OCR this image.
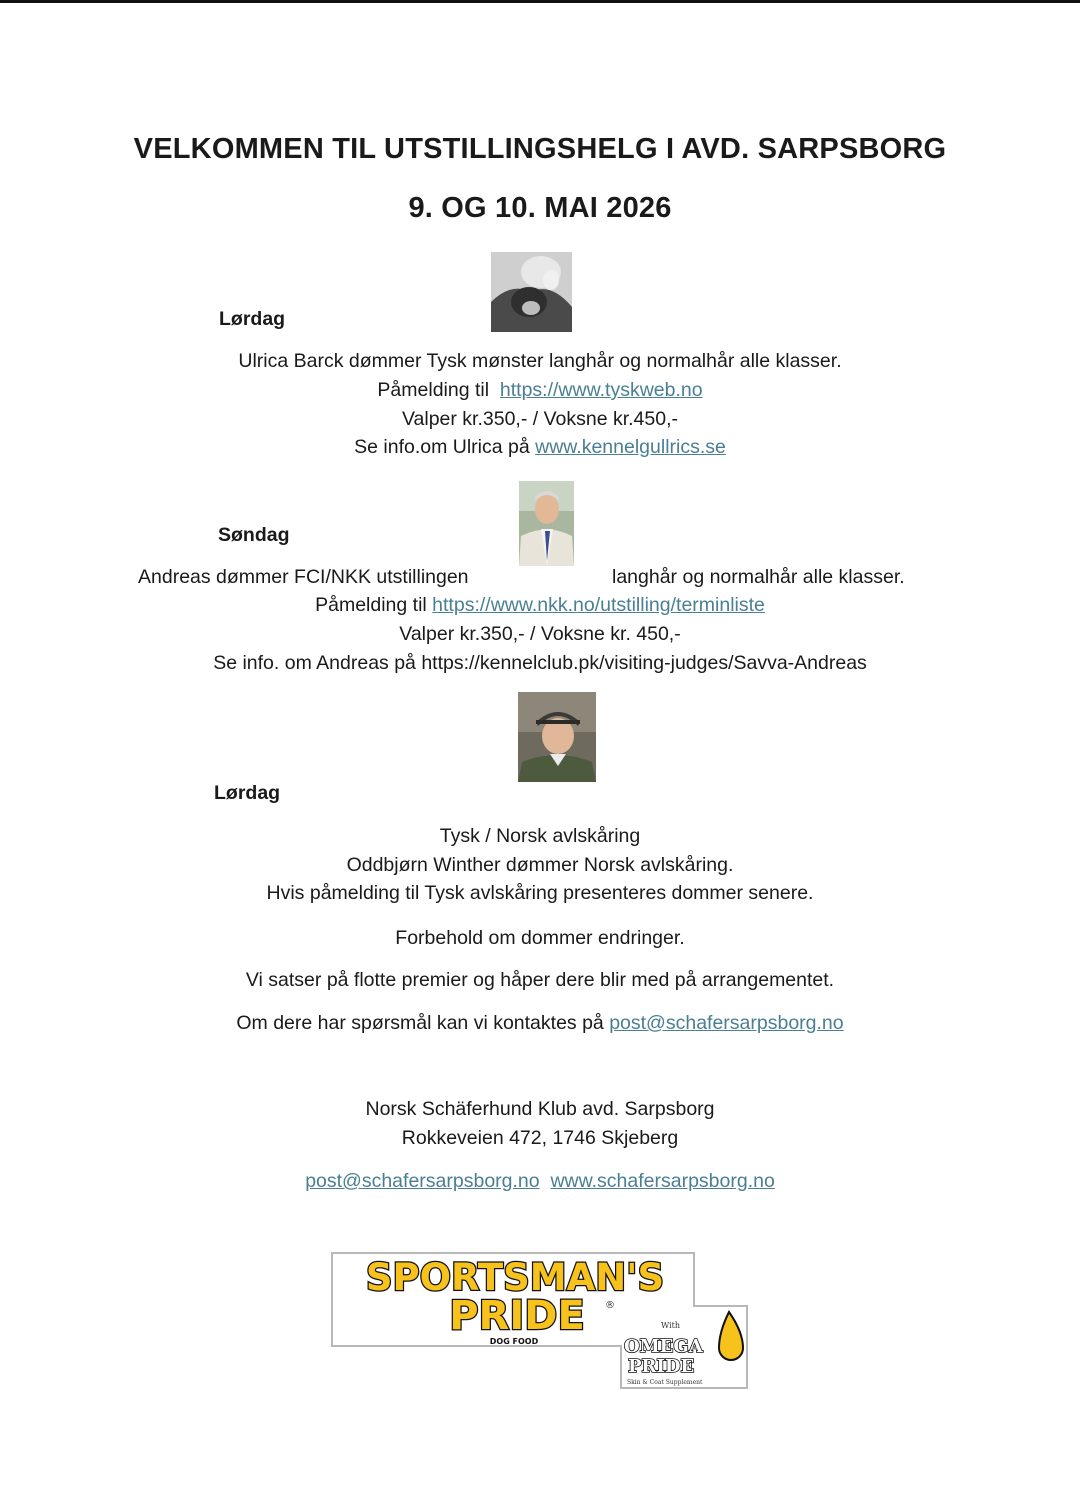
VELKOMMEN TIL UTSTILLINGSHELG I AVD. SARPSBORG
9. OG 10. MAI 2026
Lørdag
Ulrica Barck dømmer Tysk mønster langhår og normalhår alle klasser.
Påmelding til https://www.tyskweb.no
Valper kr.350,- / Voksne kr.450,-
Se info.om Ulrica på www.kennelgullrics.se
Søndag
Andreas dømmer FCI/NKK utstillingen	langhår og normalhår alle klasser.
Påmelding til https://www.nkk.no/utstilling/terminliste
Valper kr.350,- / Voksne kr. 450,-
Se info. om Andreas på https://kennelclub.pk/visiting-judges/Savva-Andreas
Lørdag
Tysk / Norsk avlskåring
Oddbjørn Winther dømmer Norsk avlskåring.
Hvis påmelding til Tysk avlskåring presenteres dommer senere.
Forbehold om dommer endringer.
Vi satser på flotte premier og håper dere blir med på arrangementet.
Om dere har spørsmål kan vi kontaktes på post@schafersarpsborg.no
Norsk Schäferhund Klub avd. Sarpsborg
Rokkeveien 472, 1746 Skjeberg
post@schafersarpsborg.no www.schafersarpsborg.no
SPORTSMAN'S
PRIDE ®
DOG FOOD
With
OMEGA
PRIDE
Skin & Coat Supplement
